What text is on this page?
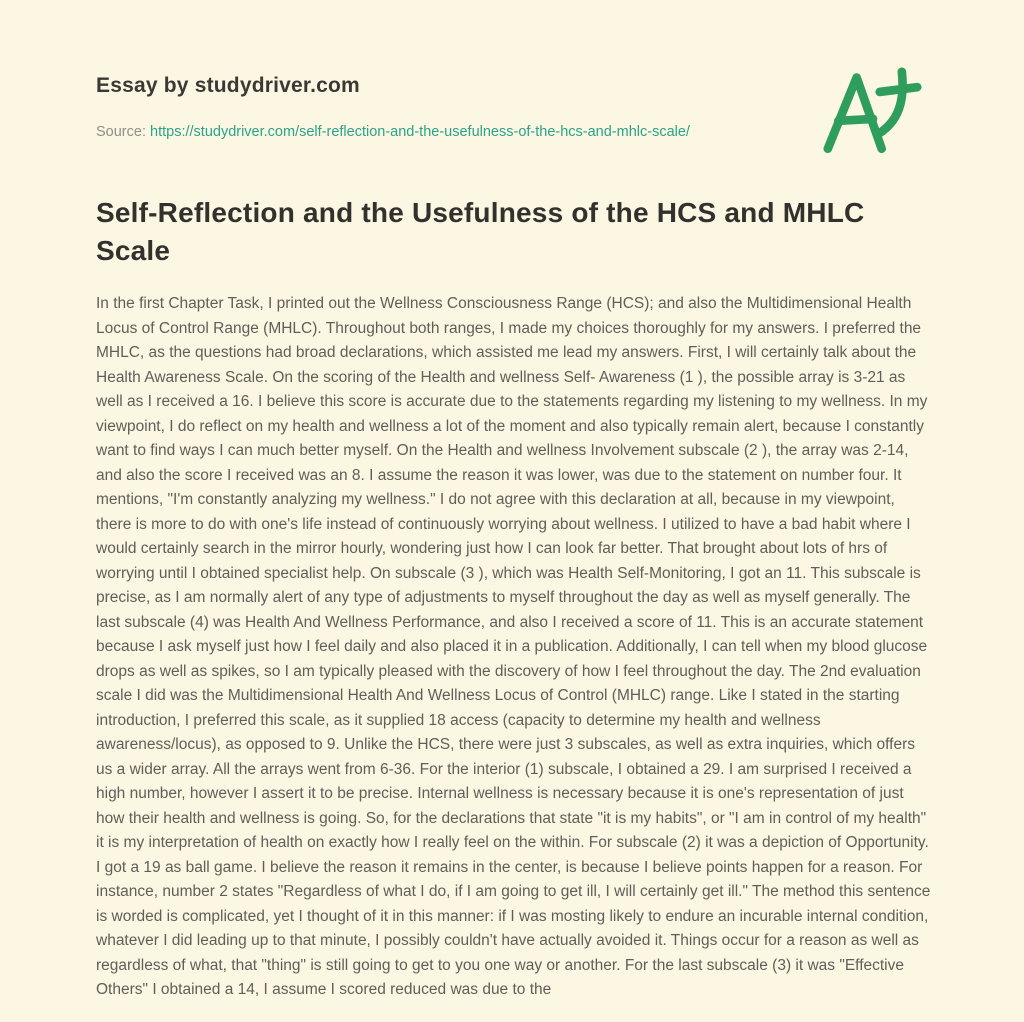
Essay by studydriver.com

Source: https://studydriver.com/self-reflection-and-the-usefulness-of-the-hcs-and-mhlc-scale/

Self-Reflection and the Usefulness of the HCS and MHLC Scale

In the first Chapter Task, I printed out the Wellness Consciousness Range (HCS); and also the Multidimensional Health Locus of Control Range (MHLC). Throughout both ranges, I made my choices thoroughly for my answers. I preferred the MHLC, as the questions had broad declarations, which assisted me lead my answers. First, I will certainly talk about the Health Awareness Scale. On the scoring of the Health and wellness Self- Awareness (1 ), the possible array is 3-21 as well as I received a 16. I believe this score is accurate due to the statements regarding my listening to my wellness. In my viewpoint, I do reflect on my health and wellness a lot of the moment and also typically remain alert, because I constantly want to find ways I can much better myself. On the Health and wellness Involvement subscale (2 ), the array was 2-14, and also the score I received was an 8. I assume the reason it was lower, was due to the statement on number four. It mentions, "I'm constantly analyzing my wellness." I do not agree with this declaration at all, because in my viewpoint, there is more to do with one's life instead of continuously worrying about wellness. I utilized to have a bad habit where I would certainly search in the mirror hourly, wondering just how I can look far better. That brought about lots of hrs of worrying until I obtained specialist help. On subscale (3 ), which was Health Self-Monitoring, I got an 11. This subscale is precise, as I am normally alert of any type of adjustments to myself throughout the day as well as myself generally. The last subscale (4) was Health And Wellness Performance, and also I received a score of 11. This is an accurate statement because I ask myself just how I feel daily and also placed it in a publication. Additionally, I can tell when my blood glucose drops as well as spikes, so I am typically pleased with the discovery of how I feel throughout the day. The 2nd evaluation scale I did was the Multidimensional Health And Wellness Locus of Control (MHLC) range. Like I stated in the starting introduction, I preferred this scale, as it supplied 18 access (capacity to determine my health and wellness awareness/locus), as opposed to 9. Unlike the HCS, there were just 3 subscales, as well as extra inquiries, which offers us a wider array. All the arrays went from 6-36. For the interior (1) subscale, I obtained a 29. I am surprised I received a high number, however I assert it to be precise. Internal wellness is necessary because it is one's representation of just how their health and wellness is going. So, for the declarations that state "it is my habits", or "I am in control of my health" it is my interpretation of health on exactly how I really feel on the within. For subscale (2) it was a depiction of Opportunity. I got a 19 as ball game. I believe the reason it remains in the center, is because I believe points happen for a reason. For instance, number 2 states "Regardless of what I do, if I am going to get ill, I will certainly get ill." The method this sentence is worded is complicated, yet I thought of it in this manner: if I was mosting likely to endure an incurable internal condition, whatever I did leading up to that minute, I possibly couldn't have actually avoided it. Things occur for a reason as well as regardless of what, that "thing" is still going to get to you one way or another. For the last subscale (3) it was "Effective Others" I obtained a 14, I assume I scored reduced was due to the
